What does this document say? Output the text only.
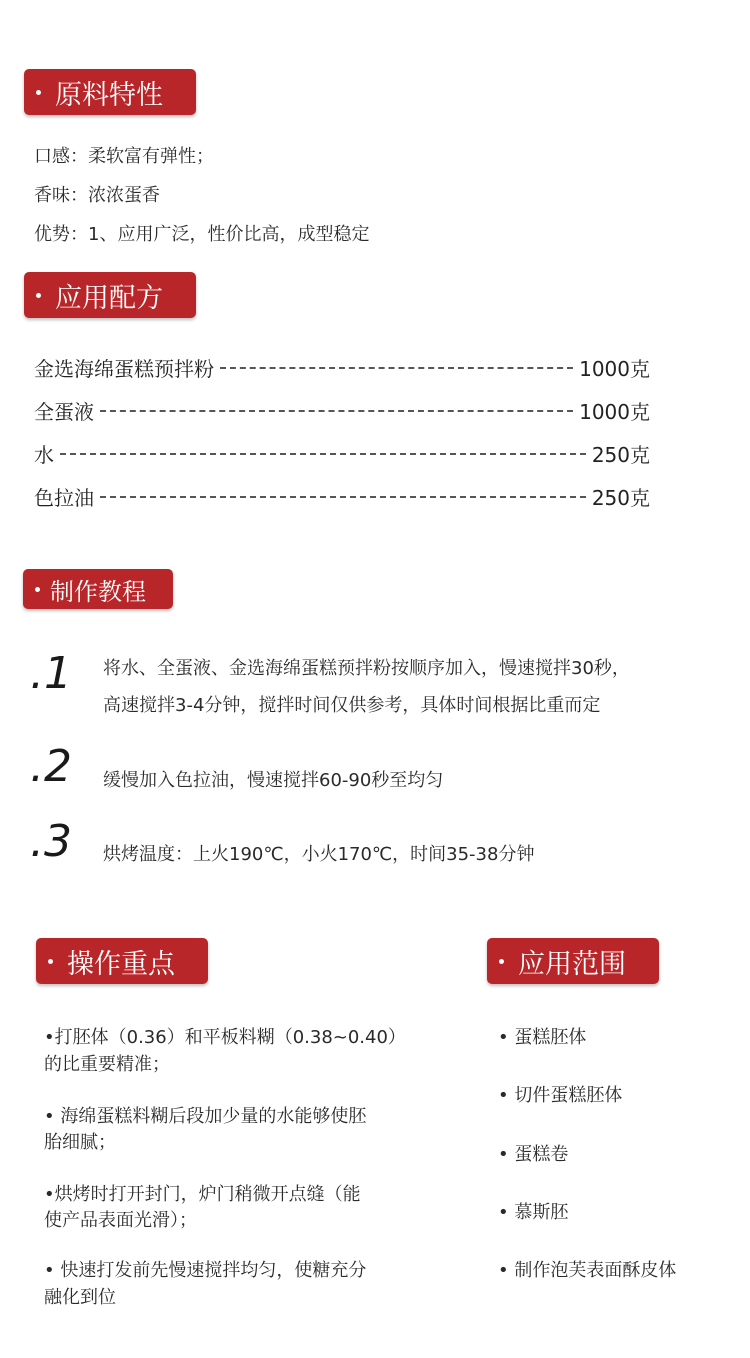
原料特性
口感：柔软富有弹性；
香味：浓浓蛋香
优势：1、应用广泛，性价比高，成型稳定
应用配方
金选海绵蛋糕预拌粉	1000克
全蛋液	1000克
水	250克
色拉油	250克
制作教程
.1 将水、全蛋液、金选海绵蛋糕预拌粉按顺序加入，慢速搅拌30秒，
高速搅拌3-4分钟，搅拌时间仅供参考，具体时间根据比重而定
.2 缓慢加入色拉油，慢速搅拌60-90秒至均匀
.3 烘烤温度：上火190℃，小火170℃，时间35-38分钟
操作重点
•打胚体（0.36）和平板料糊（0.38~0.40）
的比重要精准；
• 海绵蛋糕料糊后段加少量的水能够使胚
胎细腻；
•烘烤时打开封门，炉门稍微开点缝（能
使产品表面光滑）；
• 快速打发前先慢速搅拌均匀，使糖充分
融化到位
应用范围
• 蛋糕胚体
• 切件蛋糕胚体
• 蛋糕卷
• 慕斯胚
• 制作泡芙表面酥皮体
